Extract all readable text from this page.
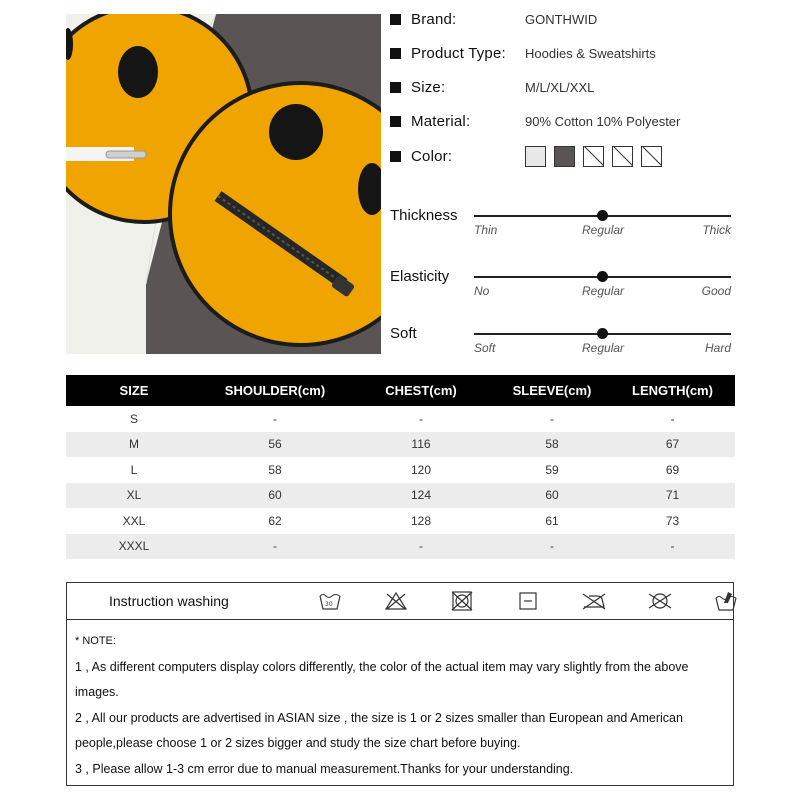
Brand:	GONTHWID
Product Type:	Hoodies & Sweatshirts
Size:	M/L/XL/XXL
Material:	90% Cotton 10% Polyester
Color:
Thickness
Thin	Regular	Thick
Elasticity
No	Regular	Good
Soft
Soft	Regular	Hard
SIZE	SHOULDER(cm)	CHEST(cm)	SLEEVE(cm)	LENGTH(cm)
S	-	-	-	-
M	56	116	58	67
L	58	120	59	69
XL	60	124	60	71
XXL	62	128	61	73
XXXL	-	-	-	-
Instruction washing	30

* NOTE:

1 , As different computers display colors differently, the color of the actual item may vary slightly from the above images.

2 , All our products are advertised in ASIAN size , the size is 1 or 2 sizes smaller than European and American people,please choose 1 or 2 sizes bigger and study the size chart before buying.

3 , Please allow 1-3 cm error due to manual measurement.Thanks for your understanding.
